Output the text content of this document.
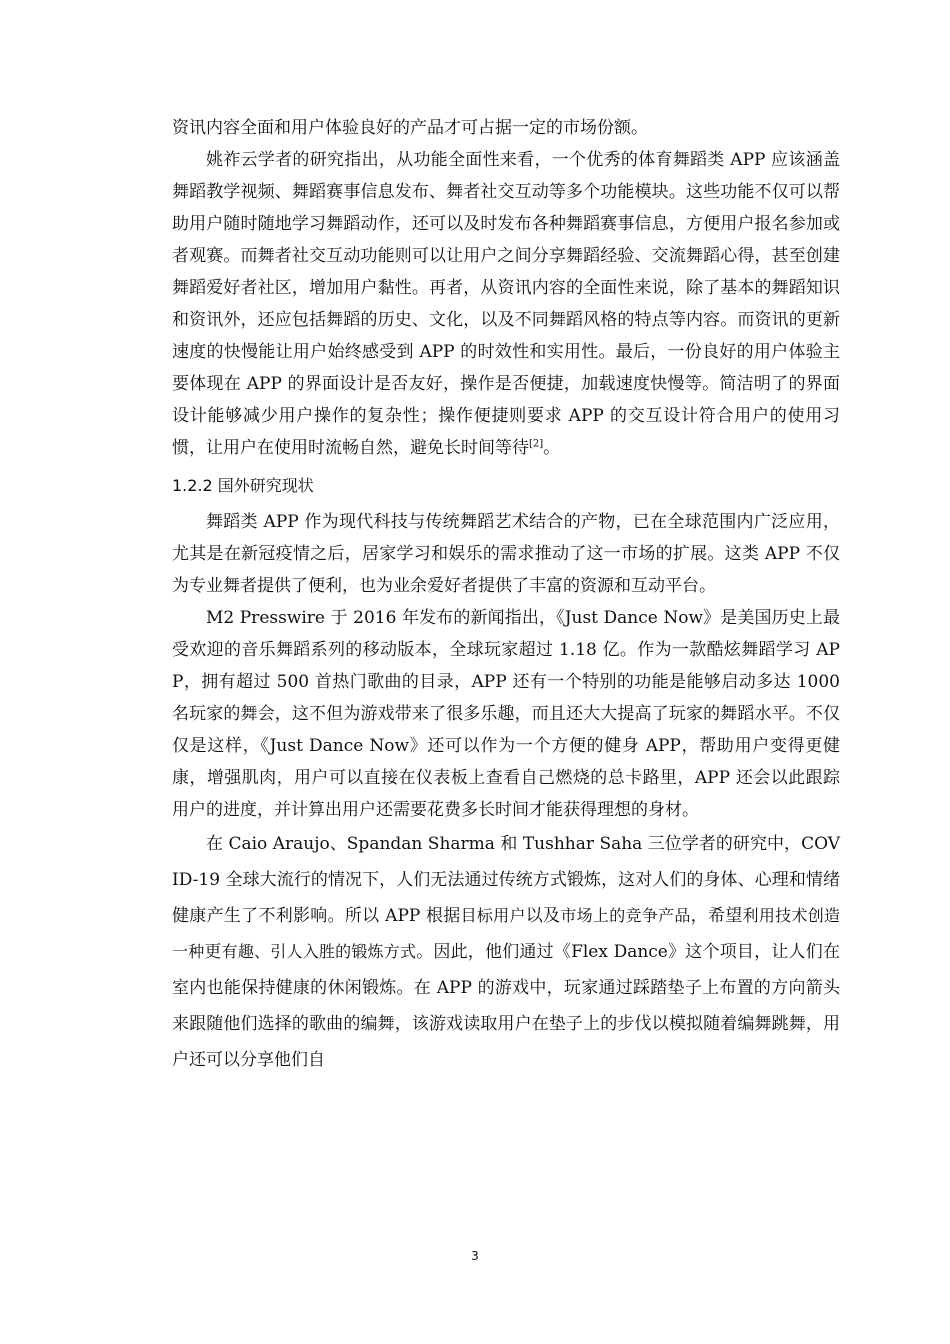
资讯内容全面和用户体验良好的产品才可占据一定的市场份额。

姚祚云学者的研究指出，从功能全面性来看，一个优秀的体育舞蹈类 APP 应该涵盖舞蹈教学视频、舞蹈赛事信息发布、舞者社交互动等多个功能模块。这些功能不仅可以帮助用户随时随地学习舞蹈动作，还可以及时发布各种舞蹈赛事信息，方便用户报名参加或者观赛。而舞者社交互动功能则可以让用户之间分享舞蹈经验、交流舞蹈心得，甚至创建舞蹈爱好者社区，增加用户黏性。再者，从资讯内容的全面性来说，除了基本的舞蹈知识和资讯外，还应包括舞蹈的历史、文化，以及不同舞蹈风格的特点等内容。而资讯的更新速度的快慢能让用户始终感受到 APP 的时效性和实用性。最后，一份良好的用户体验主要体现在 APP 的界面设计是否友好，操作是否便捷，加载速度快慢等。简洁明了的界面设计能够减少用户操作的复杂性；操作便捷则要求 APP 的交互设计符合用户的使用习惯，让用户在使用时流畅自然，避免长时间等待[2]。

1.2.2 国外研究现状

舞蹈类 APP 作为现代科技与传统舞蹈艺术结合的产物，已在全球范围内广泛应用，尤其是在新冠疫情之后，居家学习和娱乐的需求推动了这一市场的扩展。这类 APP 不仅为专业舞者提供了便利，也为业余爱好者提供了丰富的资源和互动平台。

M2 Presswire 于 2016 年发布的新闻指出，《Just Dance Now》是美国历史上最受欢迎的音乐舞蹈系列的移动版本，全球玩家超过 1.18 亿。作为一款酷炫舞蹈学习 APP，拥有超过 500 首热门歌曲的目录，APP 还有一个特别的功能是能够启动多达 1000 名玩家的舞会，这不但为游戏带来了很多乐趣，而且还大大提高了玩家的舞蹈水平。不仅仅是这样，《Just Dance Now》还可以作为一个方便的健身 APP，帮助用户变得更健康，增强肌肉，用户可以直接在仪表板上查看自己燃烧的总卡路里，APP 还会以此跟踪用户的进度，并计算出用户还需要花费多长时间才能获得理想的身材。

在 Caio Araujo、Spandan Sharma 和 Tushhar Saha 三位学者的研究中，COVID-19 全球大流行的情况下，人们无法通过传统方式锻炼，这对人们的身体、心理和情绪健康产生了不利影响。所以 APP 根据目标用户以及市场上的竞争产品，希望利用技术创造一种更有趣、引人入胜的锻炼方式。因此，他们通过《Flex Dance》这个项目，让人们在室内也能保持健康的休闲锻炼。在 APP 的游戏中，玩家通过踩踏垫子上布置的方向箭头来跟随他们选择的歌曲的编舞，该游戏读取用户在垫子上的步伐以模拟随着编舞跳舞，用户还可以分享他们自

3
